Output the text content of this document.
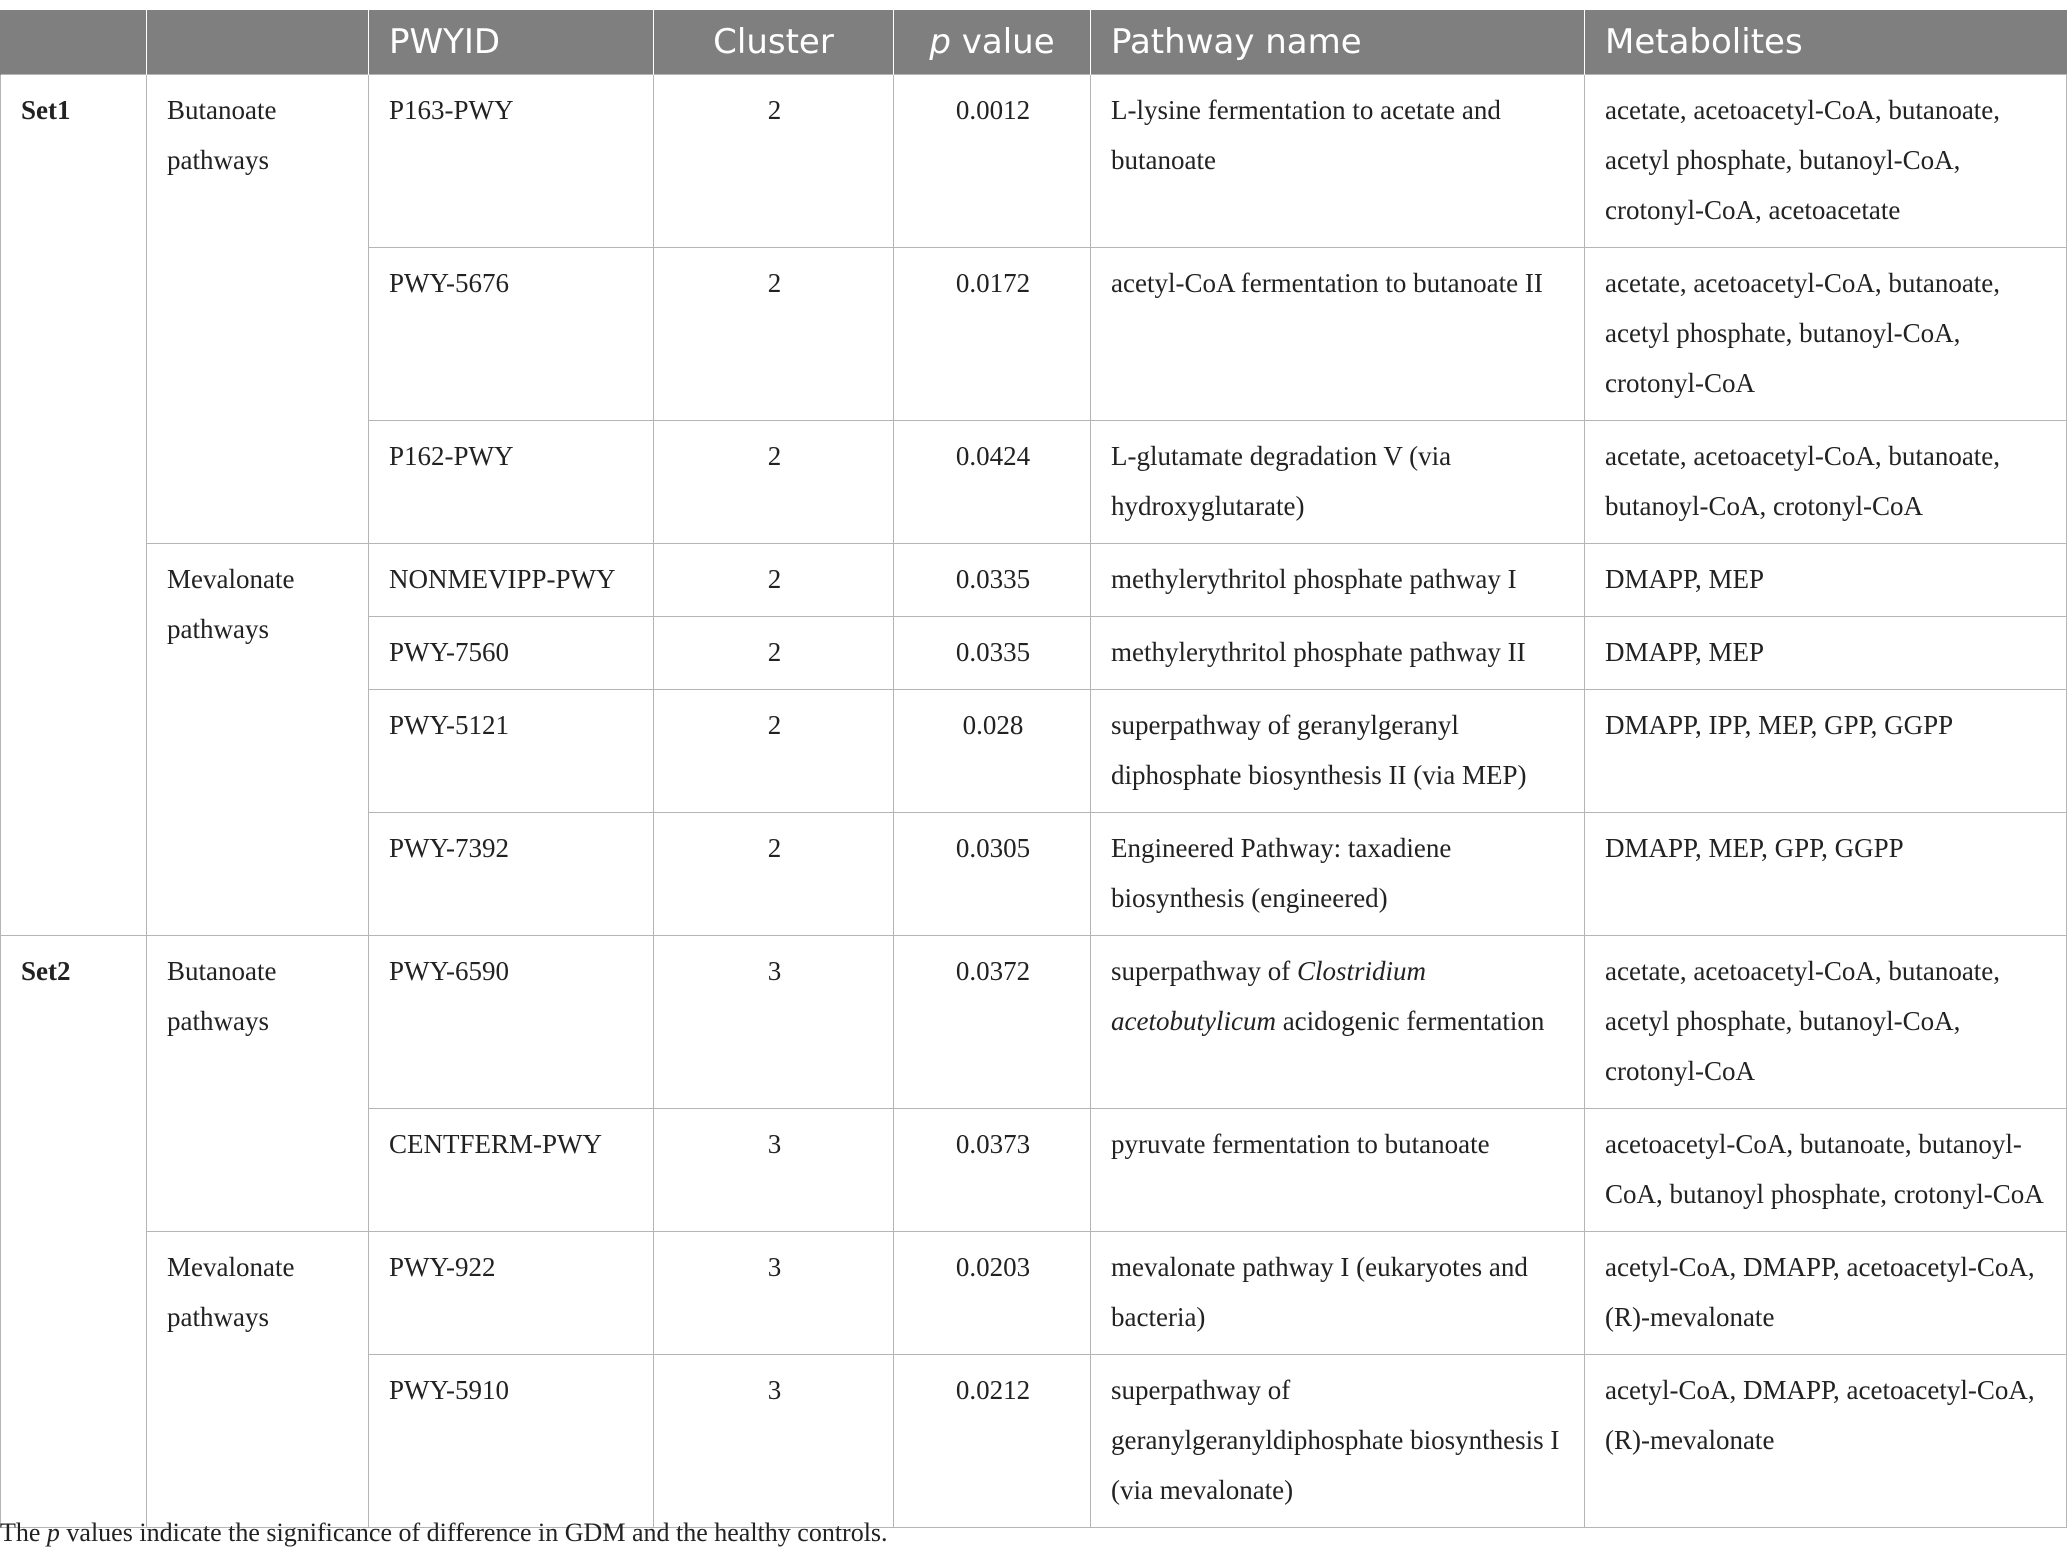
		PWYID	Cluster	p value	Pathway name	Metabolites
Set1	Butanoate pathways	P163-PWY	2	0.0012	L-lysine fermentation to acetate and butanoate	acetate, acetoacetyl-CoA, butanoate, acetyl phosphate, butanoyl-CoA, crotonyl-CoA, acetoacetate
		PWY-5676	2	0.0172	acetyl-CoA fermentation to butanoate II	acetate, acetoacetyl-CoA, butanoate, acetyl phosphate, butanoyl-CoA, crotonyl-CoA
		P162-PWY	2	0.0424	L-glutamate degradation V (via hydroxyglutarate)	acetate, acetoacetyl-CoA, butanoate, butanoyl-CoA, crotonyl-CoA
	Mevalonate pathways	NONMEVIPP-PWY	2	0.0335	methylerythritol phosphate pathway I	DMAPP, MEP
		PWY-7560	2	0.0335	methylerythritol phosphate pathway II	DMAPP, MEP
		PWY-5121	2	0.028	superpathway of geranylgeranyl diphosphate biosynthesis II (via MEP)	DMAPP, IPP, MEP, GPP, GGPP
		PWY-7392	2	0.0305	Engineered Pathway: taxadiene biosynthesis (engineered)	DMAPP, MEP, GPP, GGPP
Set2	Butanoate pathways	PWY-6590	3	0.0372	superpathway of Clostridium acetobutylicum acidogenic fermentation	acetate, acetoacetyl-CoA, butanoate, acetyl phosphate, butanoyl-CoA, crotonyl-CoA
		CENTFERM-PWY	3	0.0373	pyruvate fermentation to butanoate	acetoacetyl-CoA, butanoate, butanoyl-CoA, butanoyl phosphate, crotonyl-CoA
	Mevalonate pathways	PWY-922	3	0.0203	mevalonate pathway I (eukaryotes and bacteria)	acetyl-CoA, DMAPP, acetoacetyl-CoA, (R)-mevalonate
		PWY-5910	3	0.0212	superpathway of geranylgeranyldiphosphate biosynthesis I (via mevalonate)	acetyl-CoA, DMAPP, acetoacetyl-CoA, (R)-mevalonate
The p values indicate the significance of difference in GDM and the healthy controls.
